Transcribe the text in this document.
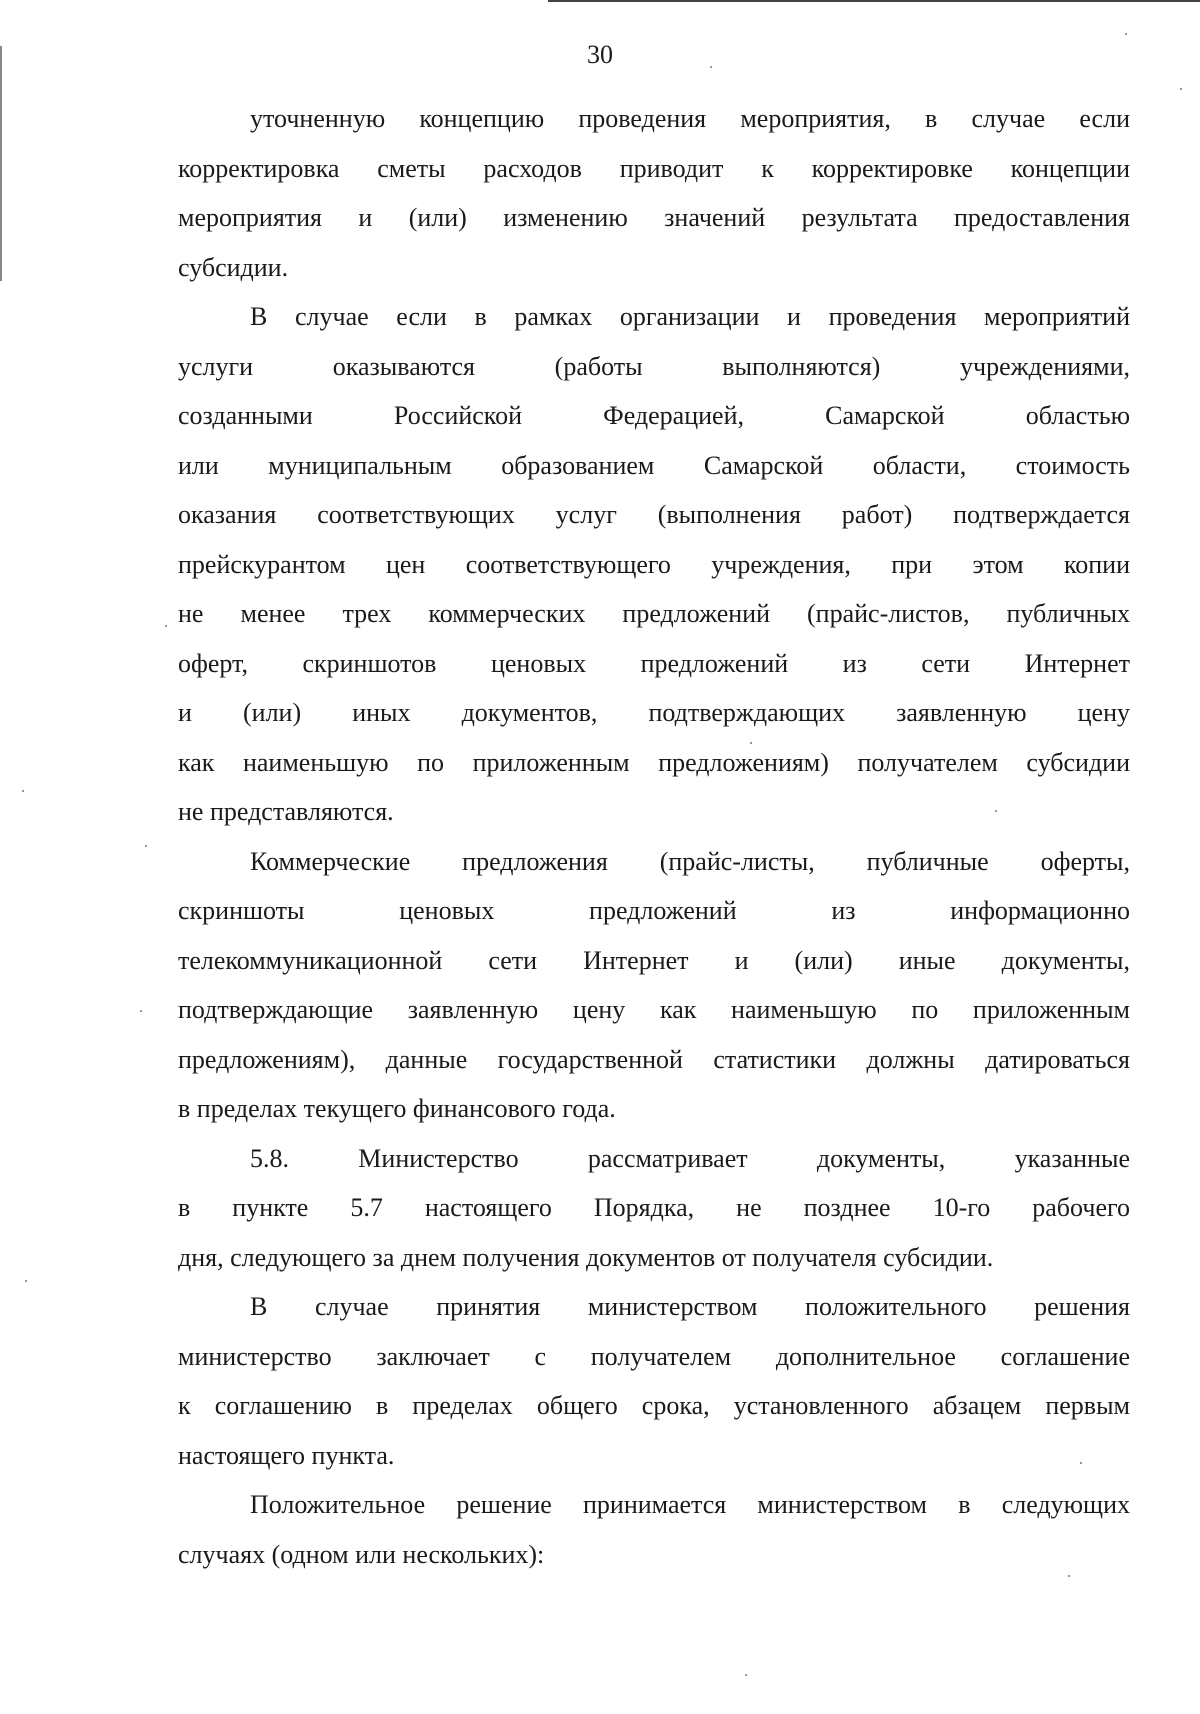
30
уточненную концепцию проведения мероприятия, в случае если
корректировка сметы расходов приводит к корректировке концепции
мероприятия и (или) изменению значений результата предоставления
субсидии.
В случае если в рамках организации и проведения мероприятий
услуги оказываются (работы выполняются) учреждениями,
созданными Российской Федерацией, Самарской областью
или муниципальным образованием Самарской области, стоимость
оказания соответствующих услуг (выполнения работ) подтверждается
прейскурантом цен соответствующего учреждения, при этом копии
не менее трех коммерческих предложений (прайс-листов, публичных
оферт, скриншотов ценовых предложений из сети Интернет
и (или) иных документов, подтверждающих заявленную цену
как наименьшую по приложенным предложениям) получателем субсидии
не представляются.
Коммерческие предложения (прайс-листы, публичные оферты,
скриншоты ценовых предложений из информационно
телекоммуникационной сети Интернет и (или) иные документы,
подтверждающие заявленную цену как наименьшую по приложенным
предложениям), данные государственной статистики должны датироваться
в пределах текущего финансового года.
5.8. Министерство рассматривает документы, указанные
в пункте 5.7 настоящего Порядка, не позднее 10-го рабочего
дня, следующего за днем получения документов от получателя субсидии.
В случае принятия министерством положительного решения
министерство заключает с получателем дополнительное соглашение
к соглашению в пределах общего срока, установленного абзацем первым
настоящего пункта.
Положительное решение принимается министерством в следующих
случаях (одном или нескольких):
